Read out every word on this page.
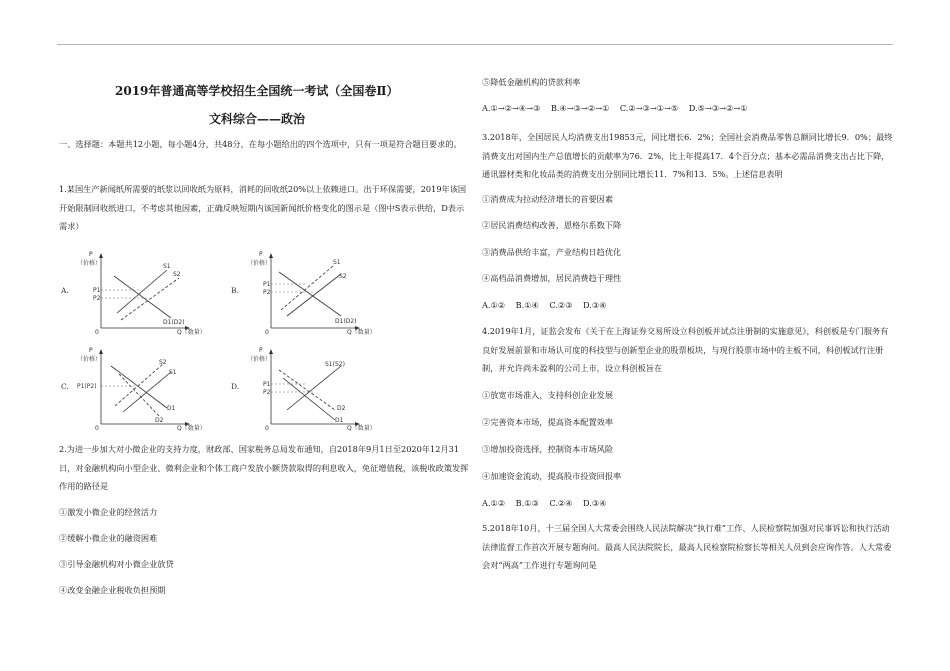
2019年普通高等学校招生全国统一考试（全国卷Ⅱ）
文科综合——政治
一、选择题：本题共12小题，每小题4分，共48分，在每小题给出的四个选项中，只有一项是符合题目要求的。
1.某国生产新闻纸所需要的纸浆以回收纸为原料，消耗的回收纸20%以上依赖进口。出于环保需要，2019年该国开始限制回收纸进口，不考虑其他因素，正确反映短期内该国新闻纸价格变化的图示是（图中S表示供给，D表示需求）
A.
P
（价格）
0	Q（数量）
P1
P2
S1
S2
D1(D2)
B.
P
（价格）
0	Q（数量）
P1
P2
S1
S2
D1(D2)
C.
P
（价格）
0	Q（数量）
P1(P2)
S2
S1
D1
D2
D.
P
（价格）
0	Q（数量）
P1
P2
S1(S2)
D2
D1
2.为进一步加大对小微企业的支持力度，财政部、国家税务总局发布通知，自2018年9月1日至2020年12月31日，对金融机构向小型企业、微利企业和个体工商户发放小额贷款取得的利息收入，免征增值税，该税收政策发挥作用的路径是
①激发小微企业的经营活力
②缓解小微企业的融资困难
③引导金融机构对小微企业放贷
④改变金融企业税收负担预期
⑤降低金融机构的贷款利率
A.①→②→④→③    B.④→③→②→①    C.②→③→①→⑤    D.⑤→③→②→①
3.2018年，全国居民人均消费支出19853元，同比增长6．2%；全国社会消费品零售总额同比增长9．0%；最终消费支出对国内生产总值增长的贡献率为76．2%，比上年提高17．4个百分点；基本必需品消费支出占比下降，通讯器材类和化妆品类的消费支出分别同比增长11．7%和13．5%。上述信息表明
①消费成为拉动经济增长的首要因素
②居民消费结构改善，恩格尔系数下降
③消费品供给丰富，产业结构日趋优化
④高档品消费增加，居民消费趋于理性
A.①②    B.①④    C.②③    D.③④
4.2019年1月，证监会发布《关于在上海证券交易所设立科创板并试点注册制的实施意见》，科创板是专门服务有良好发展前景和市场认可度的科技型与创新型企业的股票板块，与现行股票市场中的主板不同，科创板试行注册制，并允许尚未盈利的公司上市，设立科创板旨在
①放宽市场准入，支持科创企业发展
②完善资本市场，提高资本配置效率
③增加投资选择，控制资本市场风险
④加速资金流动，提高股市投资回报率
A.①②    B.①③    C.②④    D.③④
5.2018年10月，十三届全国人大常委会围绕人民法院解决“执行难”工作、人民检察院加强对民事诉讼和执行活动法律监督工作首次开展专题询问。最高人民法院院长，最高人民检察院检察长等相关人员到会应询作答。人大常委会对“两高”工作进行专题询问是
